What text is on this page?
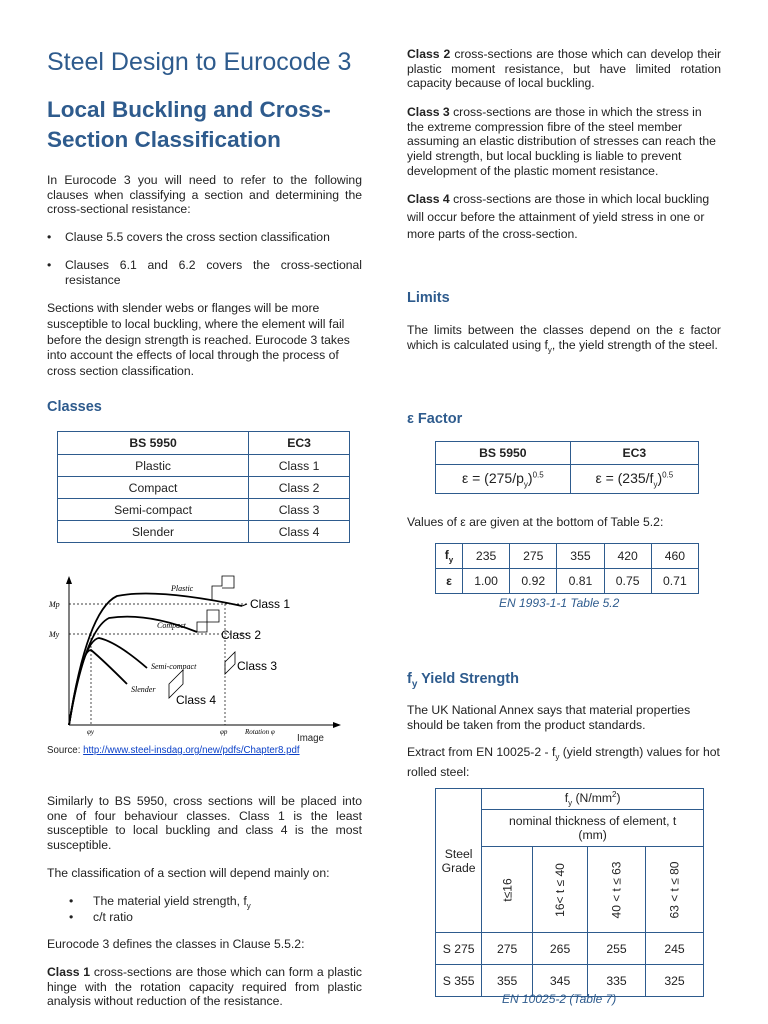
Steel Design to Eurocode 3
Local Buckling and Cross-Section Classification

In Eurocode 3 you will need to refer to the following clauses when classifying a section and determining the cross-sectional resistance:

• Clause 5.5 covers the cross section classification
• Clauses 6.1 and 6.2 covers the cross-sectional resistance

Sections with slender webs or flanges will be more susceptible to local buckling, where the element will fail before the design strength is reached. Eurocode 3 takes into account the effects of local through the process of cross section classification.

Classes
BS 5950	EC3
Plastic	Class 1
Compact	Class 2
Semi-compact	Class 3
Slender	Class 4
Mp
My
Plastic
Compact
Semi-compact
Slender
Class 1
Class 2
Class 3
Class 4
φy	φp	Rotation φ
Image
Source: http://www.steel-insdag.org/new/pdfs/Chapter8.pdf

Similarly to BS 5950, cross sections will be placed into one of four behaviour classes. Class 1 is the least susceptible to local buckling and class 4 is the most susceptible.

The classification of a section will depend mainly on:

• The material yield strength, $f_y$
• c/t ratio

Eurocode 3 defines the classes in Clause 5.5.2:

Class 1 cross-sections are those which can form a plastic hinge with the rotation capacity required from plastic analysis without reduction of the resistance.

Class 2 cross-sections are those which can develop their plastic moment resistance, but have limited rotation capacity because of local buckling.

Class 3 cross-sections are those in which the stress in the extreme compression fibre of the steel member assuming an elastic distribution of stresses can reach the yield strength, but local buckling is liable to prevent development of the plastic moment resistance.

Class 4 cross-sections are those in which local buckling will occur before the attainment of yield stress in one or more parts of the cross-section.

Limits

The limits between the classes depend on the ε factor which is calculated using $f_y$, the yield strength of the steel.

ε Factor
BS 5950	EC3
$\varepsilon = (275/p_y)^{0.5}$	$\varepsilon = (235/f_y)^{0.5}$

Values of ε are given at the bottom of Table 5.2:

$f_y$	235	275	355	420	460
ε	1.00	0.92	0.81	0.75	0.71
EN 1993-1-1 Table 5.2
$f_y$ Yield Strength

The UK National Annex says that material properties should be taken from the product standards.

Extract from EN $10025-2 - f_y$ (yield strength) values for hot rolled steel:

Steel Grade	$f_y$ $(N/mm^2)$			
	nominal thickness of element, t (mm)			
	t≤16	16< t ≤ 40	40 < t ≤ 63	63 < t ≤ 80
S 275	275	265	255	245
S 355	355	345	335	325
EN 10025-2 (Table 7)
